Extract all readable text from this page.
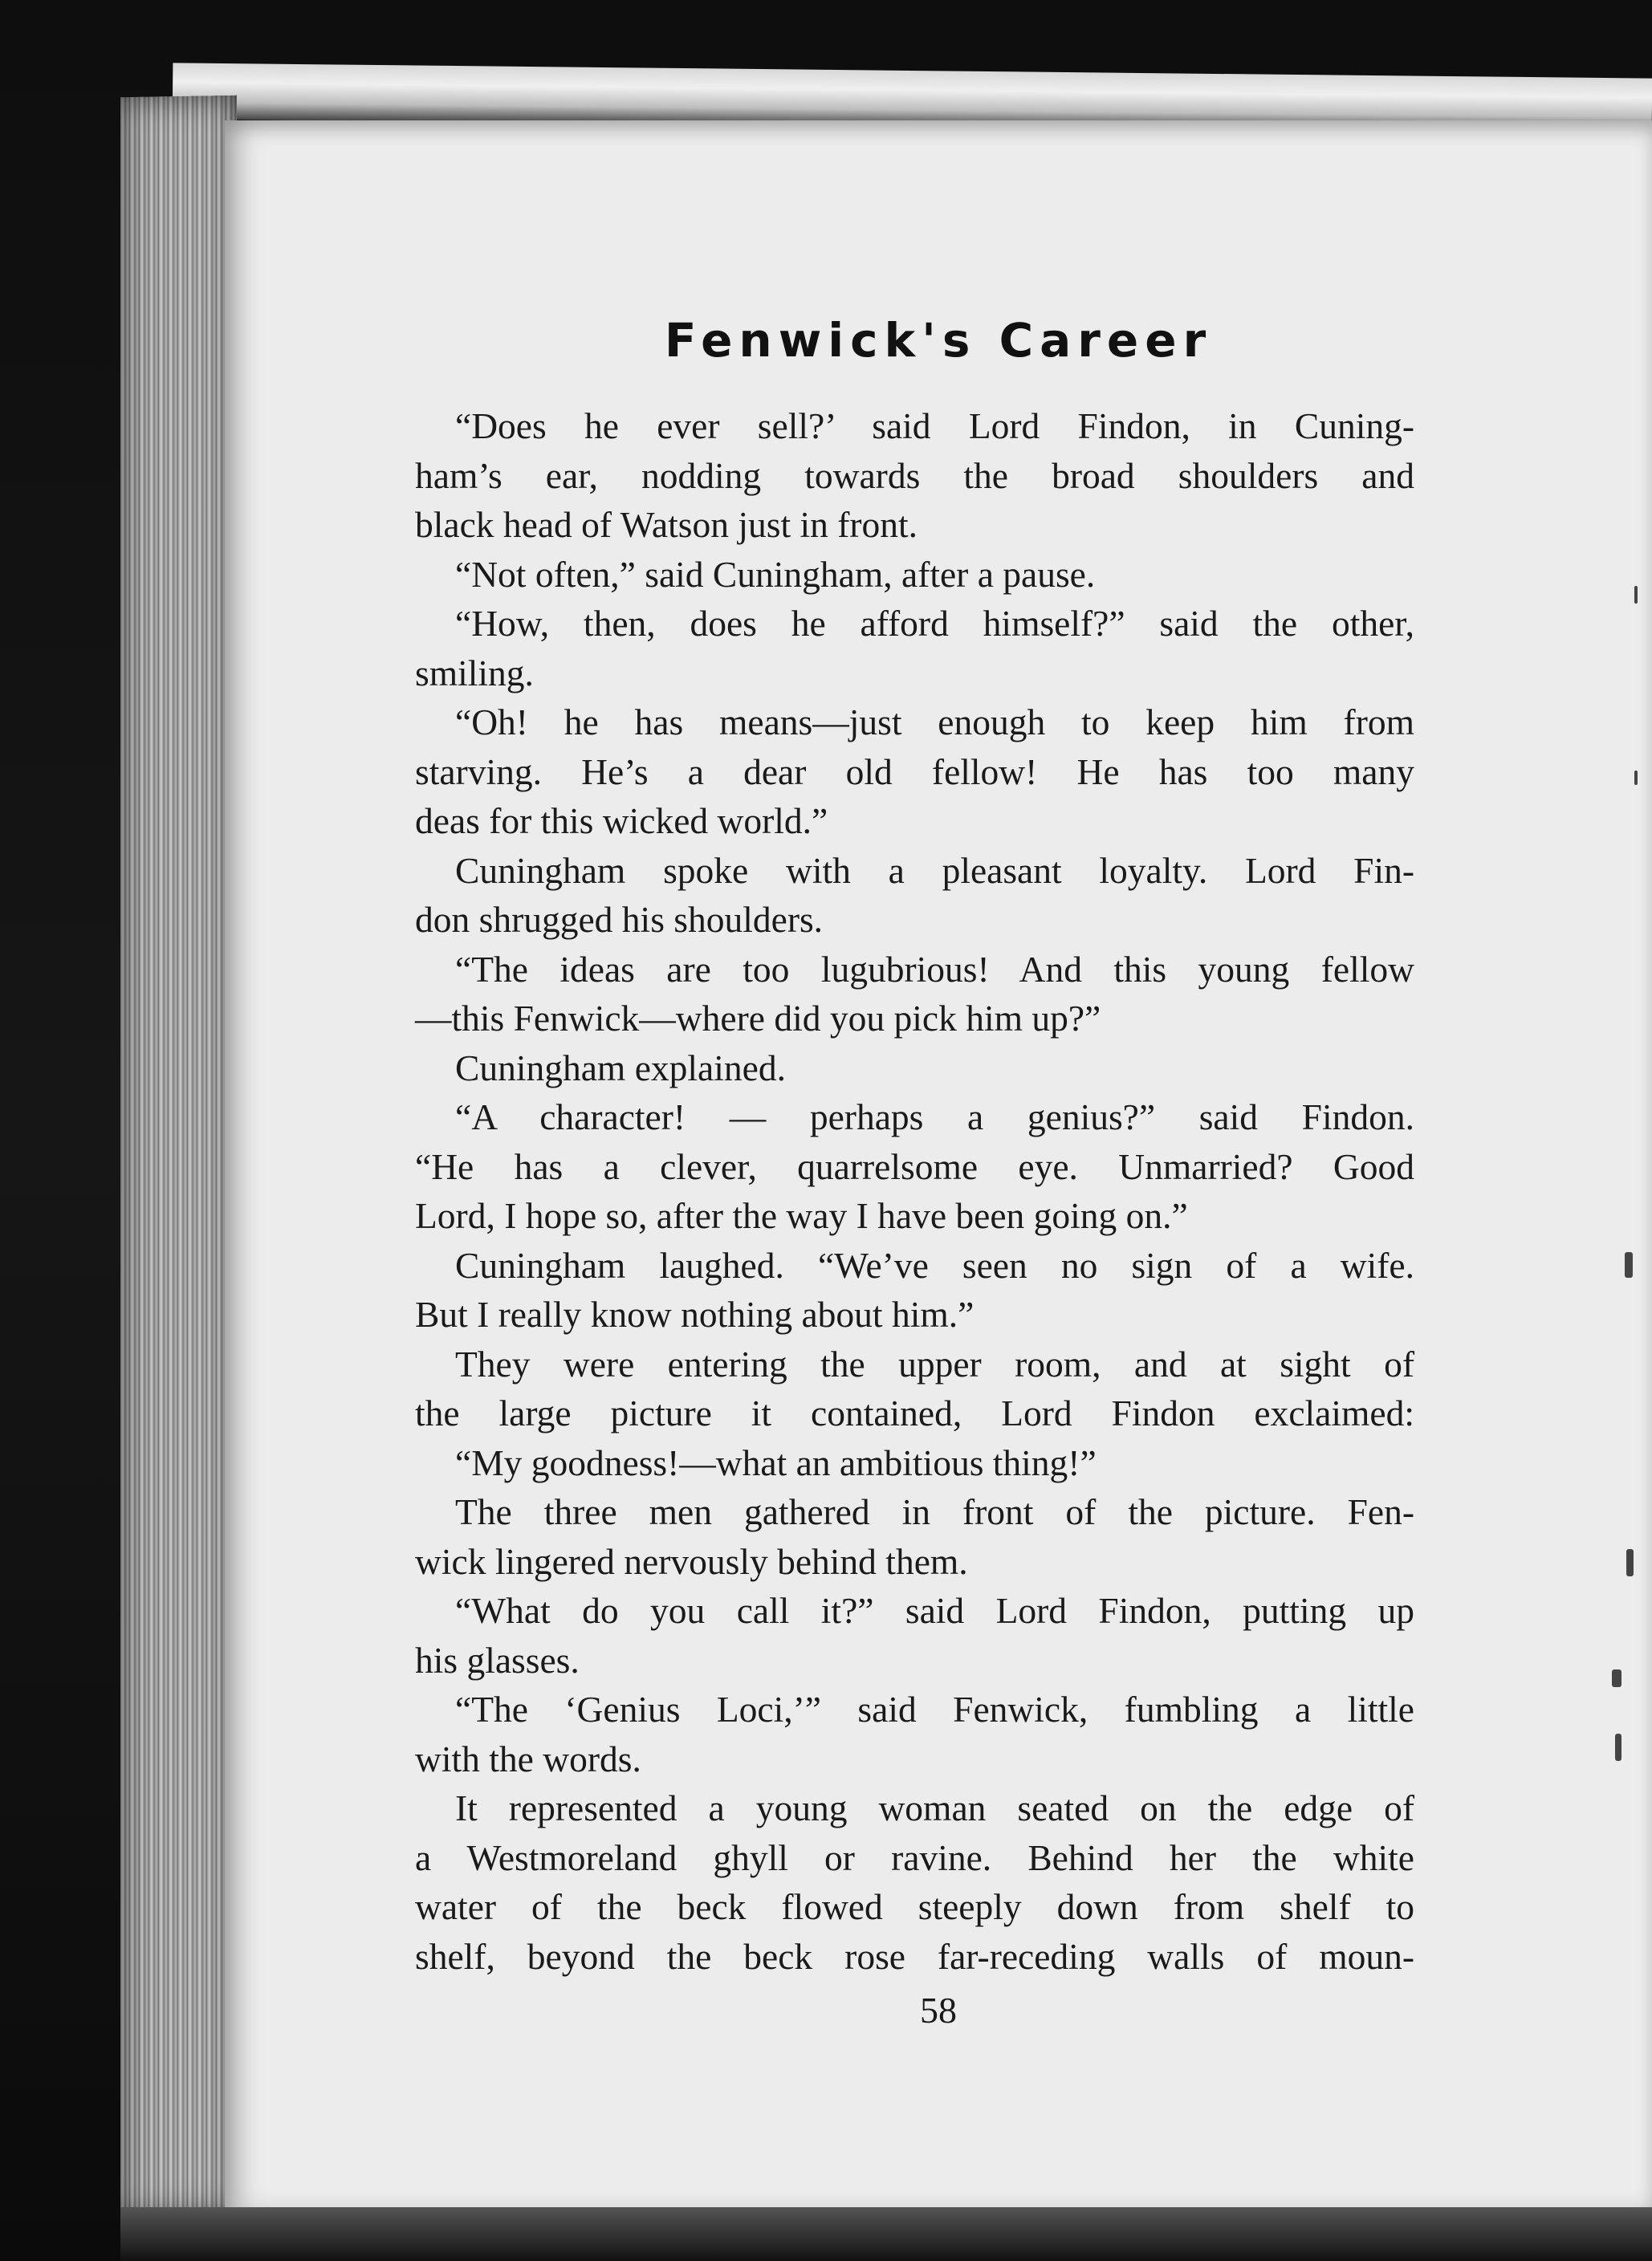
Fenwick's Career
“Does he ever sell?’ said Lord Findon, in Cuning-
ham’s ear, nodding towards the broad shoulders and
black head of Watson just in front.
“Not often,” said Cuningham, after a pause.
“How, then, does he afford himself?” said the other,
smiling.
“Oh! he has means—just enough to keep him from
starving. He’s a dear old fellow! He has too many
deas for this wicked world.”
Cuningham spoke with a pleasant loyalty. Lord Fin-
don shrugged his shoulders.
“The ideas are too lugubrious! And this young fellow
—this Fenwick—where did you pick him up?”
Cuningham explained.
“A character! — perhaps a genius?” said Findon.
“He has a clever, quarrelsome eye. Unmarried? Good
Lord, I hope so, after the way I have been going on.”
Cuningham laughed. “We’ve seen no sign of a wife.
But I really know nothing about him.”
They were entering the upper room, and at sight of
the large picture it contained, Lord Findon exclaimed:
“My goodness!—what an ambitious thing!”
The three men gathered in front of the picture. Fen-
wick lingered nervously behind them.
“What do you call it?” said Lord Findon, putting up
his glasses.
“The ‘Genius Loci,’” said Fenwick, fumbling a little
with the words.
It represented a young woman seated on the edge of
a Westmoreland ghyll or ravine. Behind her the white
water of the beck flowed steeply down from shelf to
shelf, beyond the beck rose far-receding walls of moun-
58
